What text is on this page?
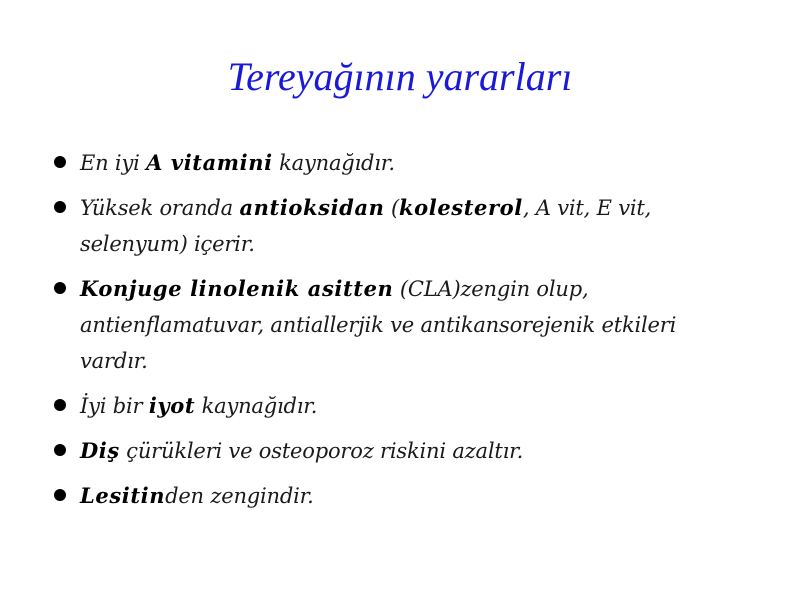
Tereyağının yararları
En iyi A vitamini kaynağıdır.
Yüksek oranda antioksidan (kolesterol, A vit, E vit, selenyum) içerir.
Konjuge linolenik asitten (CLA)zengin olup, antienflamatuvar, antiallerjik ve antikansorejenik etkileri vardır.
İyi bir iyot kaynağıdır.
Diş çürükleri ve osteoporoz riskini azaltır.
Lesitinden zengindir.
